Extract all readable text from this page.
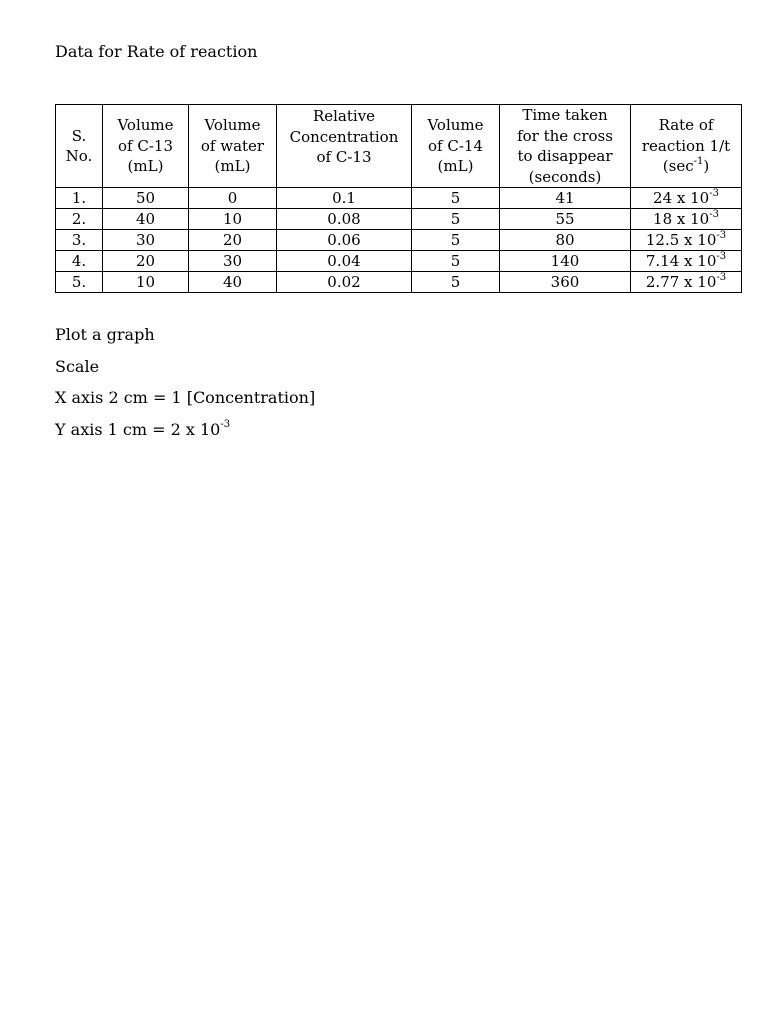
Data for Rate of reaction
S.
No.	Volume
of C-13
(mL)	Volume
of water
(mL)	Relative
Concentration
of C-13	Volume
of C-14
(mL)	Time taken
for the cross
to disappear
(seconds)	Rate of
reaction 1/t
$(\sec^{-1})$
1.	50	0	0.1	5	41	24 x $10^{-3}$
2.	40	10	0.08	5	55	18 x $10^{-3}$
3.	30	20	0.06	5	80	12.5 x $10^{-3}$
4.	20	30	0.04	5	140	7.14 x $10^{-3}$
5.	10	40	0.02	5	360	2.77 x $10^{-3}$
Plot a graph
Scale
X axis 2 cm = 1 [Concentration]
Y axis 1 cm = 2 x $10^{-3}$
